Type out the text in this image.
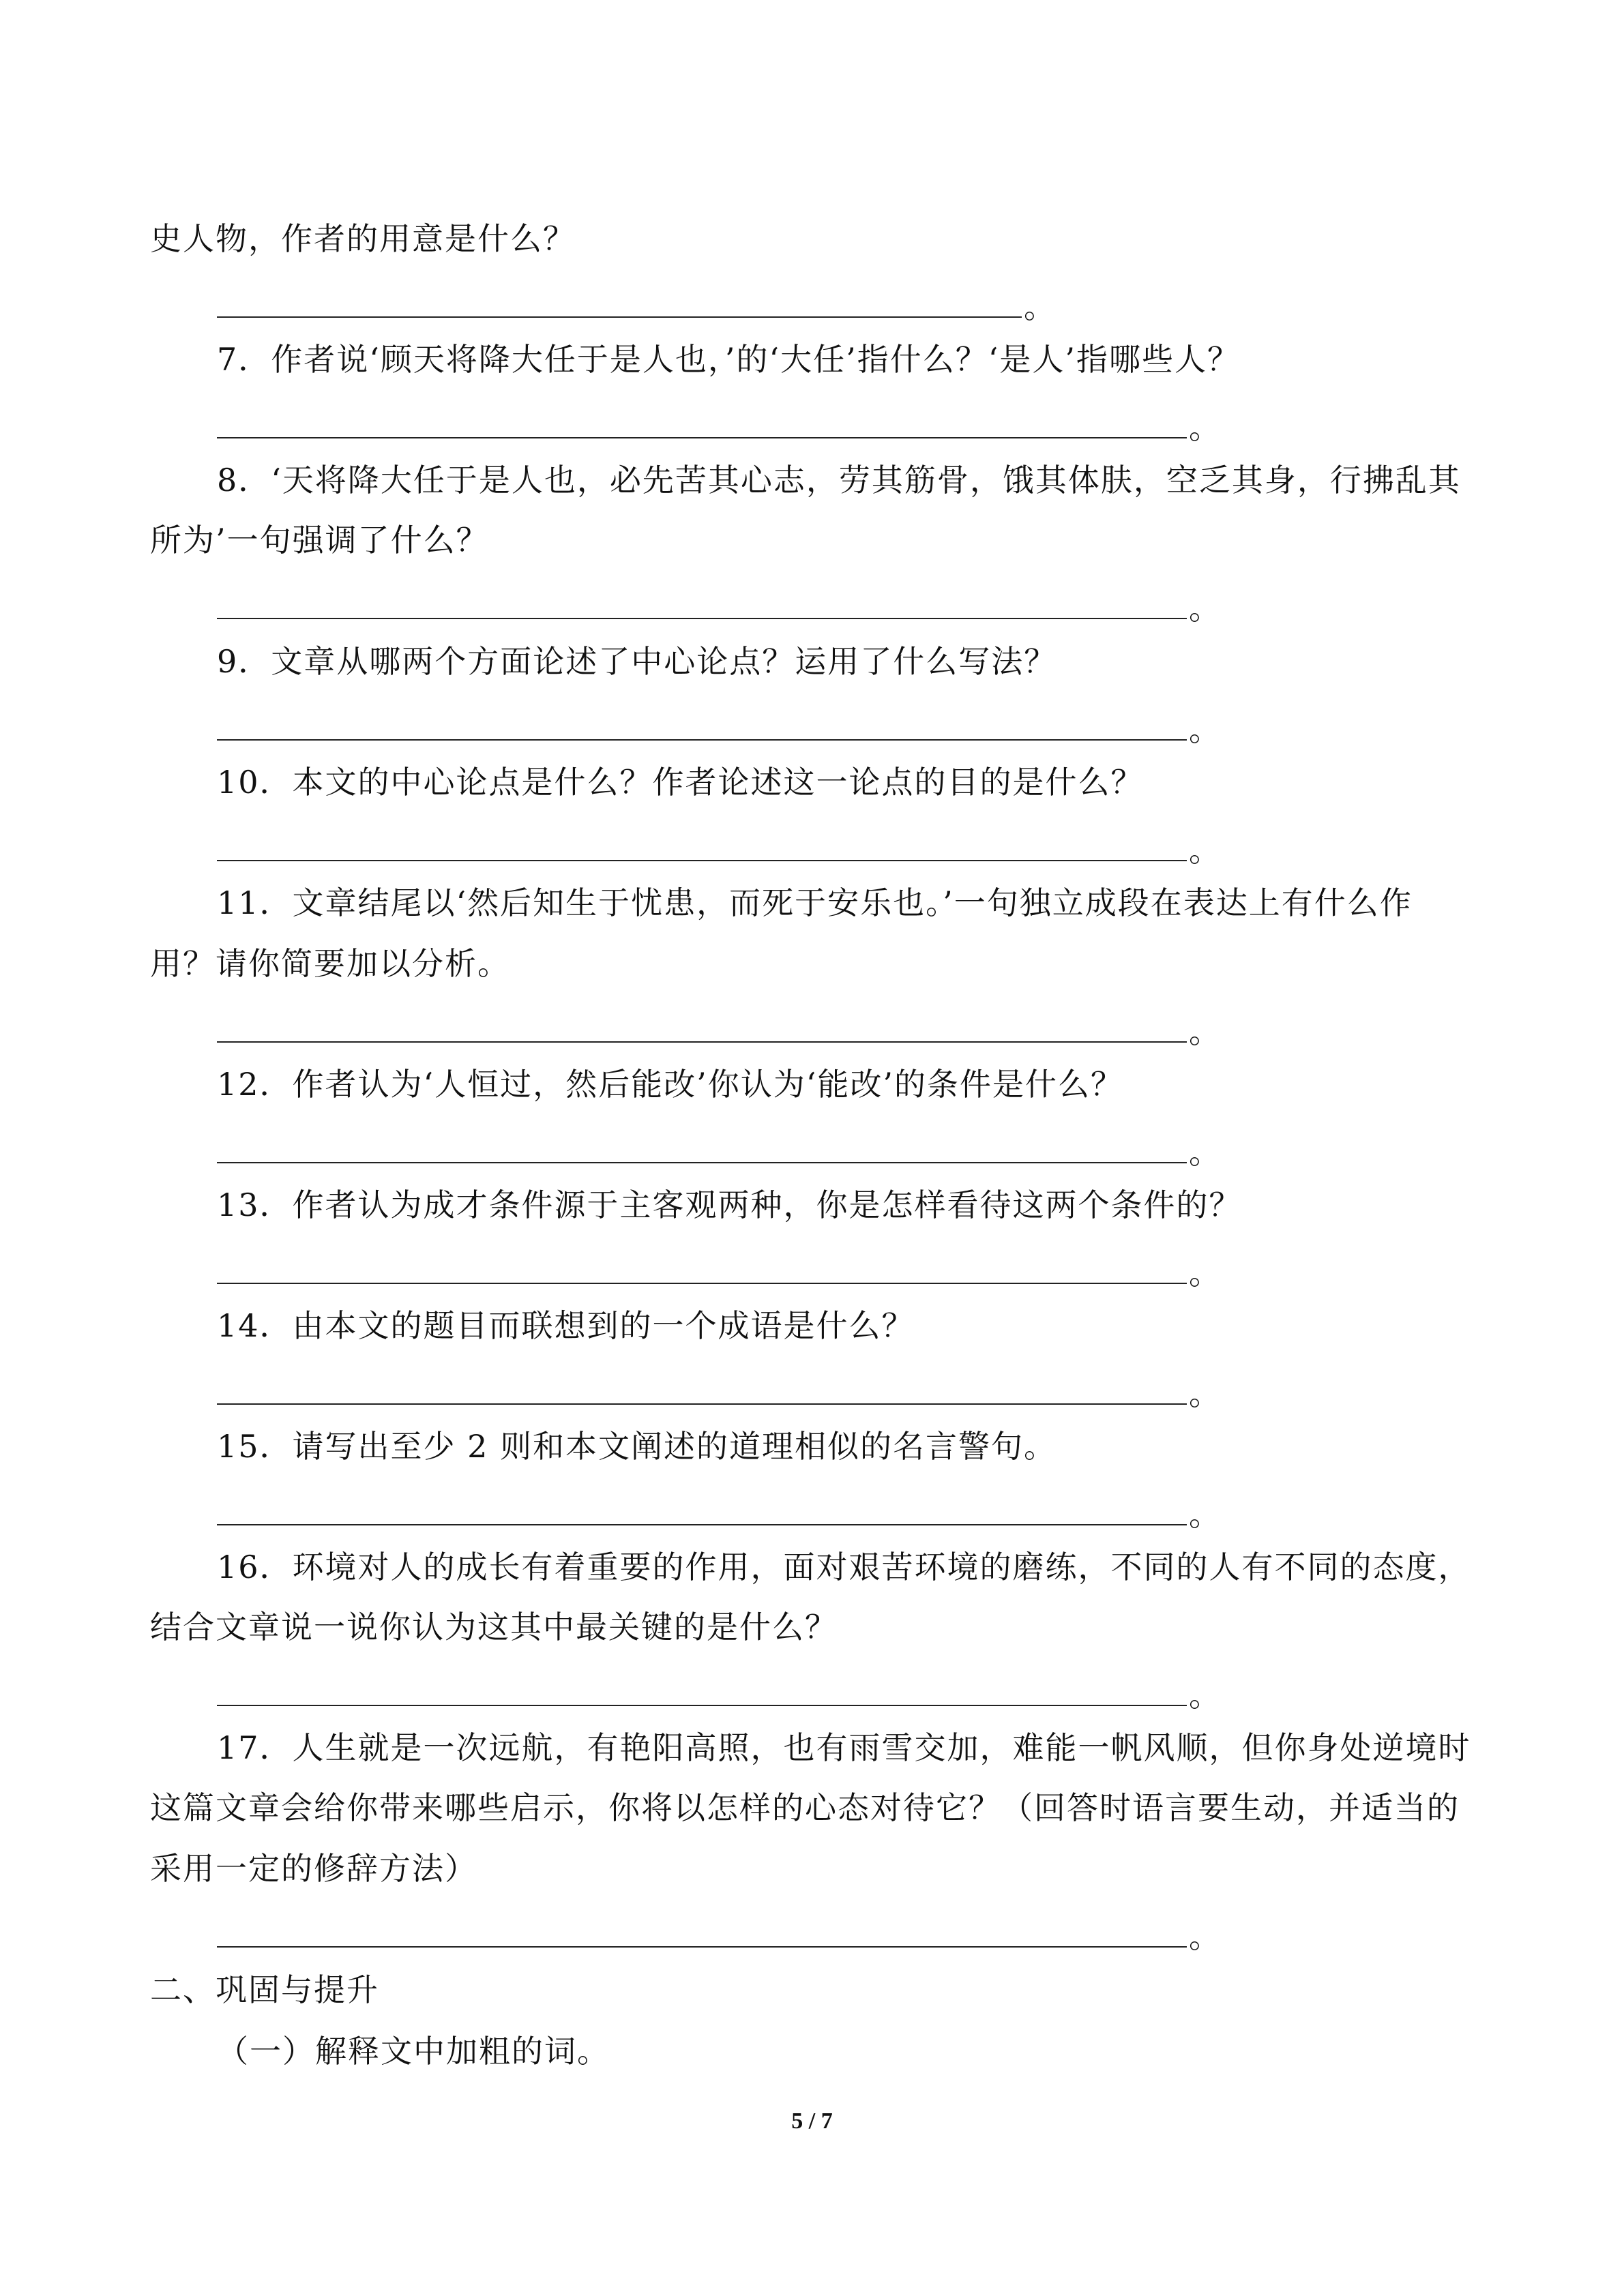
史人物，作者的用意是什么？
。
7．作者说‘顾天将降大任于是人也，’的‘大任’指什么？‘是人’指哪些人？
。
8．‘天将降大任于是人也，必先苦其心志，劳其筋骨，饿其体肤，空乏其身，行拂乱其
所为’一句强调了什么？
。
9．文章从哪两个方面论述了中心论点？运用了什么写法？
。
10．本文的中心论点是什么？作者论述这一论点的目的是什么？
。
11．文章结尾以‘然后知生于忧患，而死于安乐也。’一句独立成段在表达上有什么作
用？请你简要加以分析。
。
12．作者认为‘人恒过，然后能改’你认为‘能改’的条件是什么？
。
13．作者认为成才条件源于主客观两种，你是怎样看待这两个条件的？
。
14．由本文的题目而联想到的一个成语是什么？
。
15．请写出至少 2 则和本文阐述的道理相似的名言警句。
。
16．环境对人的成长有着重要的作用，面对艰苦环境的磨练，不同的人有不同的态度，
结合文章说一说你认为这其中最关键的是什么？
。
17．人生就是一次远航，有艳阳高照，也有雨雪交加，难能一帆风顺，但你身处逆境时
这篇文章会给你带来哪些启示，你将以怎样的心态对待它？（回答时语言要生动，并适当的
采用一定的修辞方法）
。
二、巩固与提升
（一）解释文中加粗的词。
5 / 7
